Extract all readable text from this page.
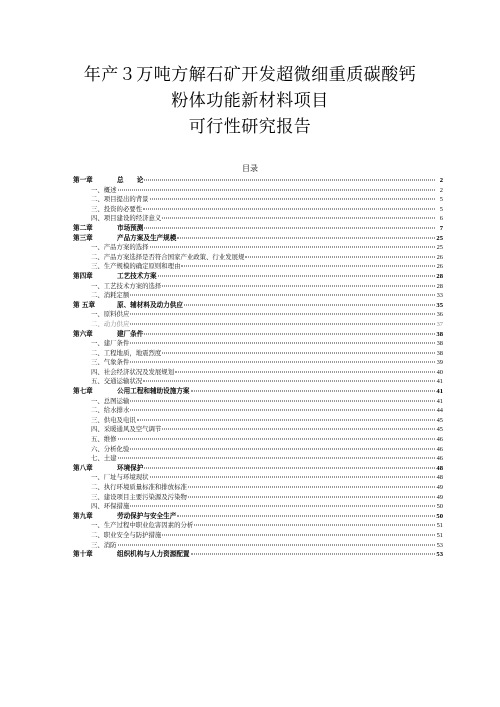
年产３万吨方解石矿开发超微细重质碳酸钙
粉体功能新材料项目
可行性研究报告
目录
第一章	总　　论	2
一、概述	2
二、项目提出的背景	5
三、投资的必要性	5
四、项目建设的经济意义	6
第二章	市场预测	7
第三章	产品方案及生产规模	25
一、产品方案的选择	25
二、产品方案选择是否符合国家产业政策、行业发展规	26
三、生产规模的确定原则和理由	26
第四章	工艺技术方案	28
一、工艺技术方案的选择	28
二、消耗定额	33
第 五章	原、辅材料及动力供应	35
一、原料供应	36
二、动力供应	37
第六章	建厂条件	38
一、建厂条件	38
二、工程地质，地震烈度	38
三、气象条件	39
四、社会经济状况及发展规划	40
五、交通运输状况	41
第七章	公用工程和辅助设施方案	41
一、总图运输	41
二、给水排水	44
三、供电及电讯	45
四、采暖通风及空气调节	45
五、维修	46
六、分析化验	46
七、土建	46
第八章	环境保护	48
一、厂址与环境现状	48
二、执行环境质量标准和排放标准	49
三、建设项目主要污染源及污染物	49
四、环保措施	50
第九章	劳动保护与安全生产	50
一、生产过程中职业危害因素的分析	51
二、职业安全与防护措施	51
三、消防	53
第十章	组织机构与人力资源配置	53
